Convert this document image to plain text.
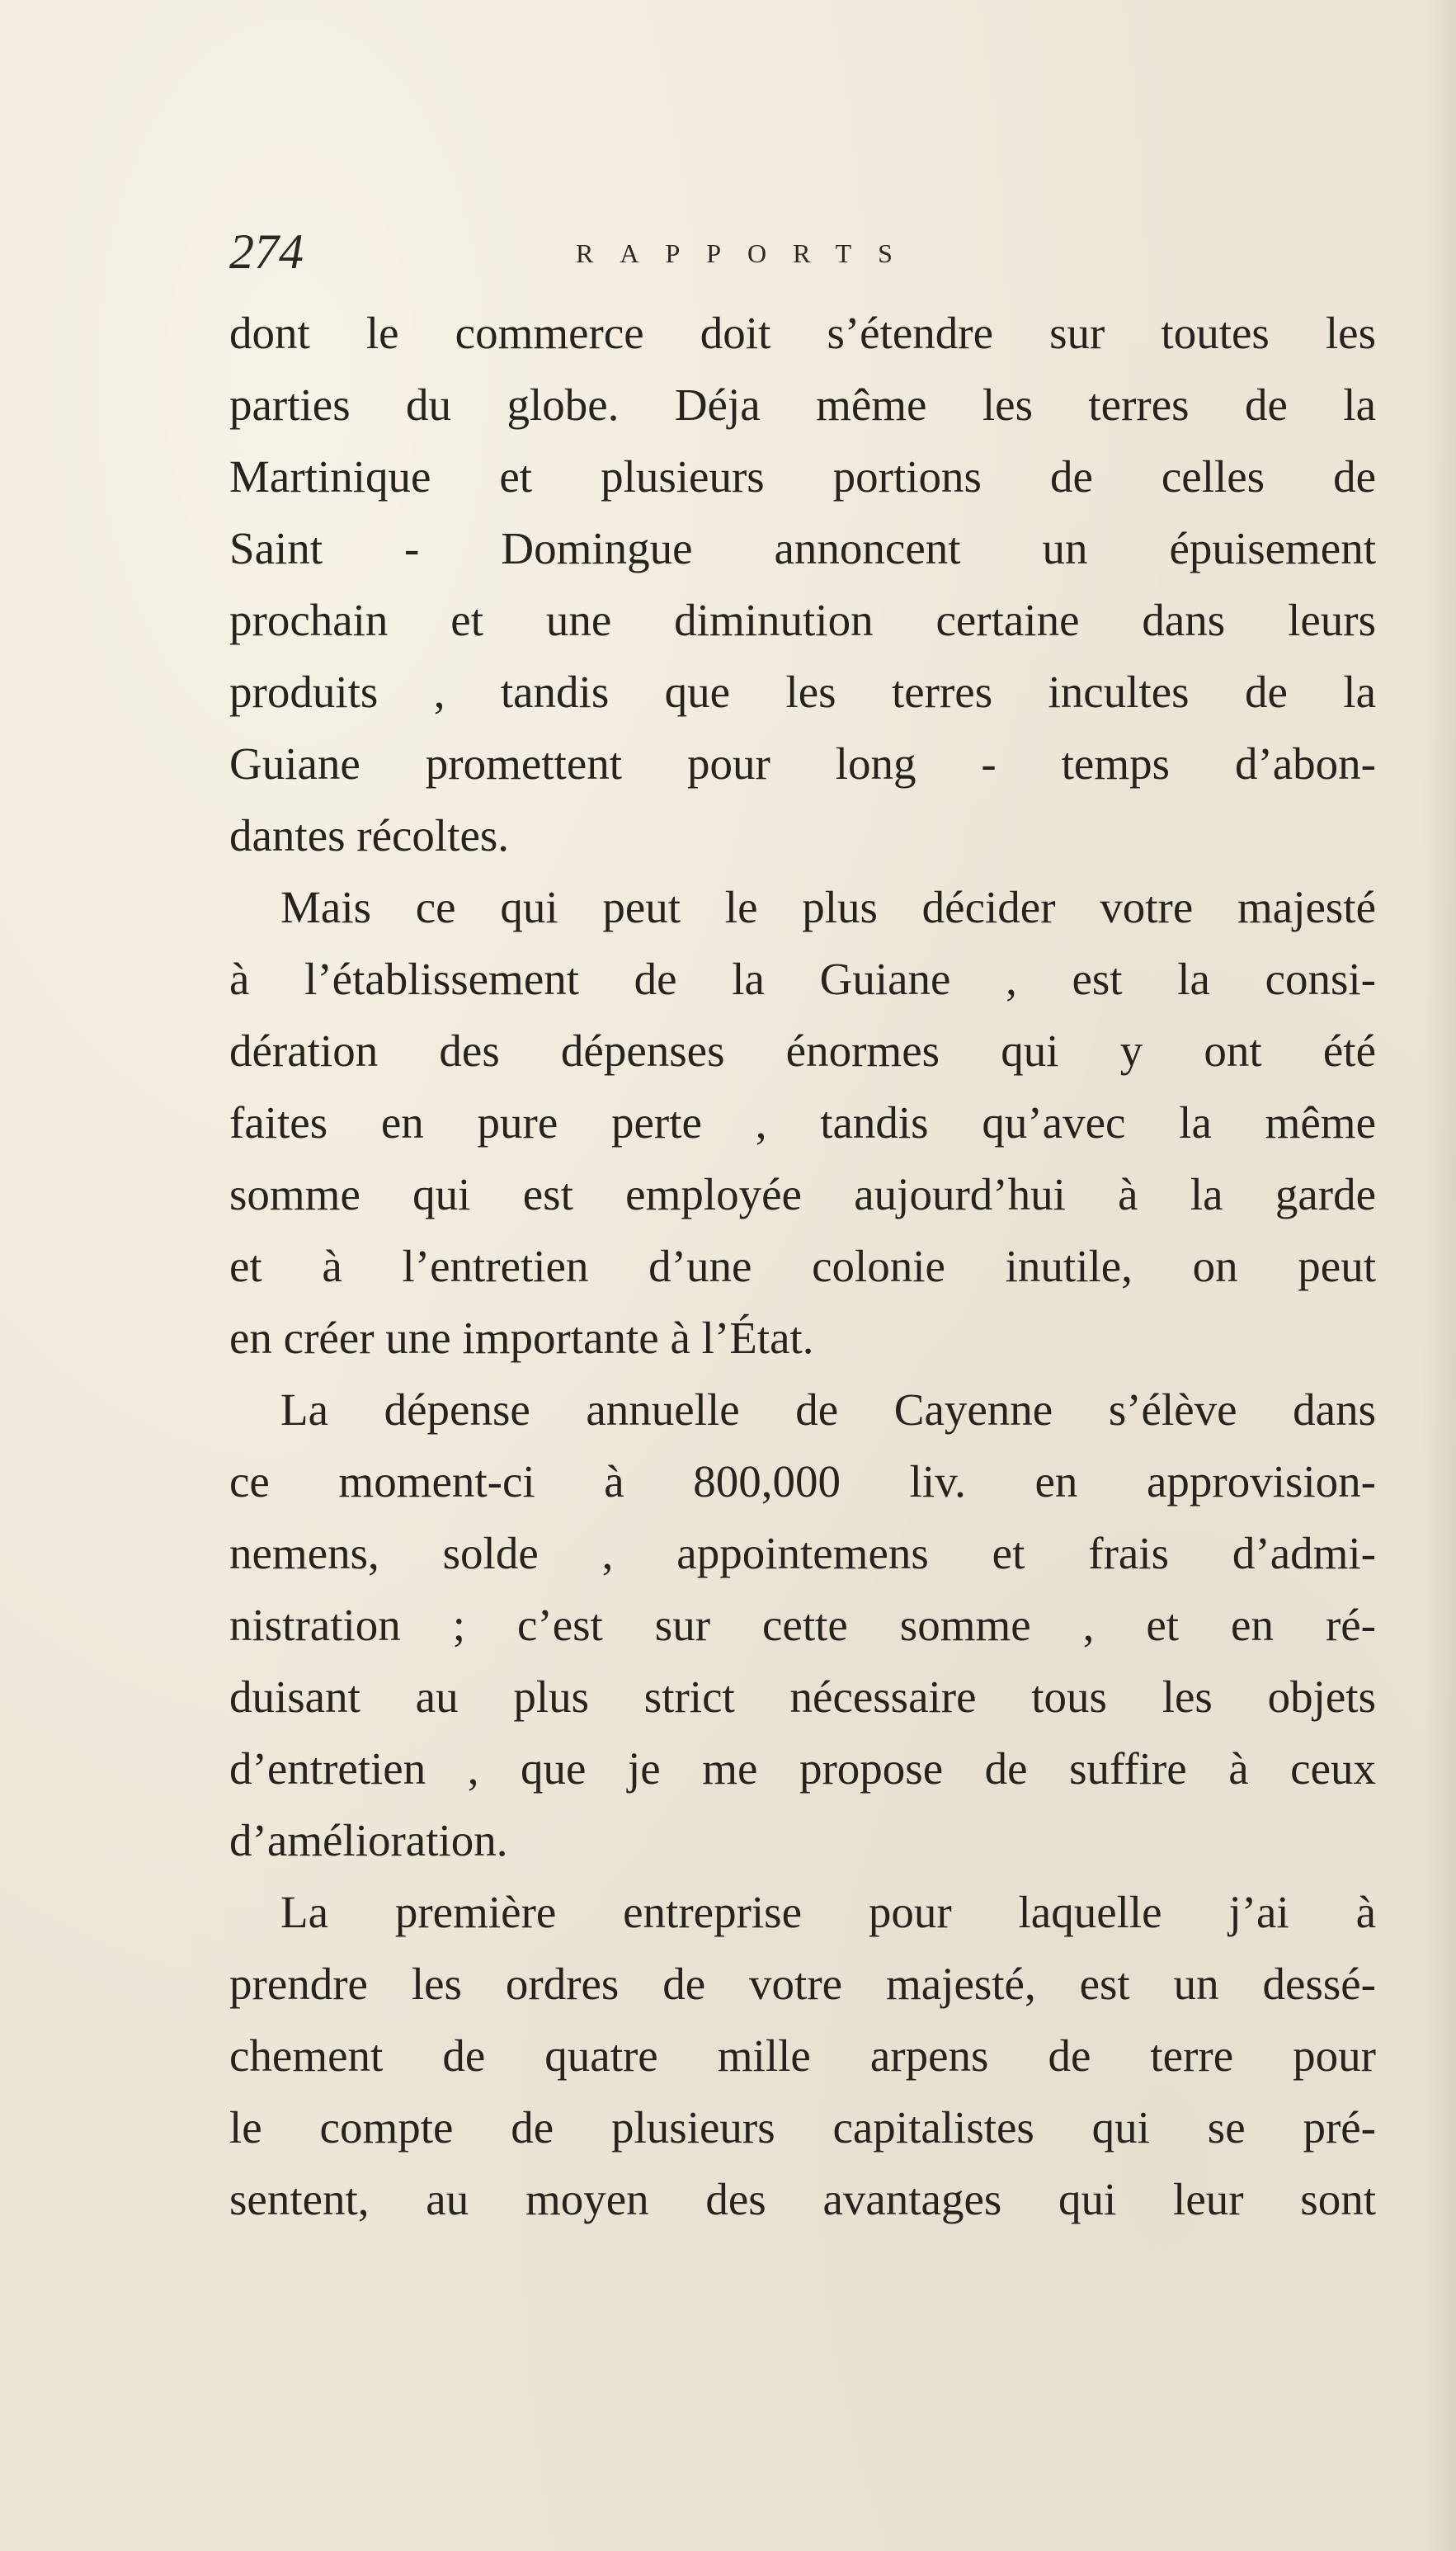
274	RAPPORTS
dont le commerce doit s’étendre sur toutes les
parties du globe. Déja même les terres de la
Martinique et plusieurs portions de celles de
Saint - Domingue annoncent un épuisement
prochain et une diminution certaine dans leurs
produits , tandis que les terres incultes de la
Guiane promettent pour long - temps d’abon-
dantes récoltes.
Mais ce qui peut le plus décider votre majesté
à l’établissement de la Guiane , est la consi-
dération des dépenses énormes qui y ont été
faites en pure perte , tandis qu’avec la même
somme qui est employée aujourd’hui à la garde
et à l’entretien d’une colonie inutile, on peut
en créer une importante à l’État.
La dépense annuelle de Cayenne s’élève dans
ce moment-ci à 800,000 liv. en approvision-
nemens, solde , appointemens et frais d’admi-
nistration ; c’est sur cette somme , et en ré-
duisant au plus strict nécessaire tous les objets
d’entretien , que je me propose de suffire à ceux
d’amélioration.
La première entreprise pour laquelle j’ai à
prendre les ordres de votre majesté, est un dessé-
chement de quatre mille arpens de terre pour
le compte de plusieurs capitalistes qui se pré-
sentent, au moyen des avantages qui leur sont
